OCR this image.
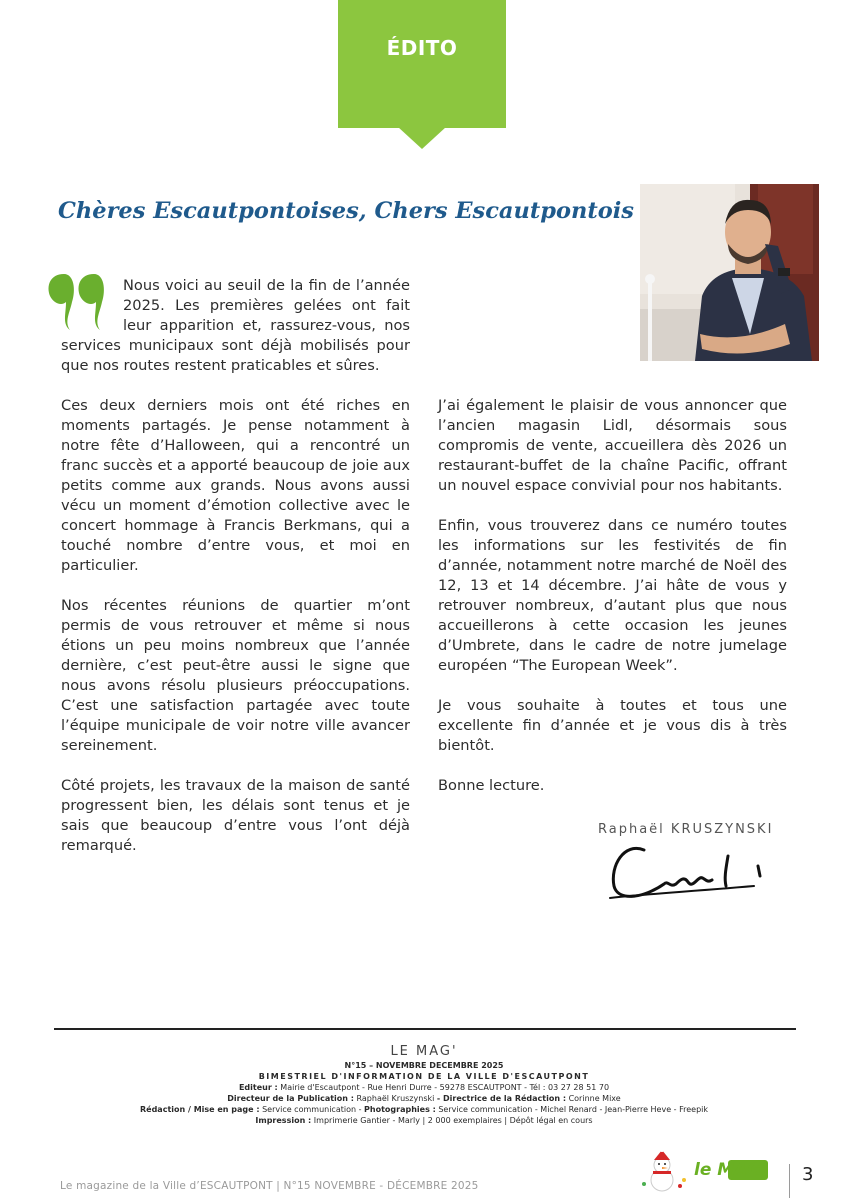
ÉDITO
Chères Escautpontoises, Chers Escautpontois
Nous voici au seuil de la fin de l’année 2025. Les premières gelées ont fait leur apparition et, rassurez-vous, nos services municipaux sont déjà mobilisés pour que nos routes restent praticables et sûres.

Ces deux derniers mois ont été riches en moments partagés. Je pense notamment à notre fête d’Halloween, qui a rencontré un franc succès et a apporté beaucoup de joie aux petits comme aux grands. Nous avons aussi vécu un moment d’émotion collective avec le concert hommage à Francis Berkmans, qui a touché nombre d’entre vous, et moi en particulier.

Nos récentes réunions de quartier m’ont permis de vous retrouver et même si nous étions un peu moins nombreux que l’année dernière, c’est peut-être aussi le signe que nous avons résolu plusieurs préoccupations. C’est une satisfaction partagée avec toute l’équipe municipale de voir notre ville avancer sereinement.

Côté projets, les travaux de la maison de santé progressent bien, les délais sont tenus et je sais que beaucoup d’entre vous l’ont déjà remarqué.

J’ai également le plaisir de vous annoncer que l’ancien magasin Lidl, désormais sous compromis de vente, accueillera dès 2026 un restaurant-buffet de la chaîne Pacific, offrant un nouvel espace convivial pour nos habitants.

Enfin, vous trouverez dans ce numéro toutes les informations sur les festivités de fin d’année, notamment notre marché de Noël des 12, 13 et 14 décembre. J’ai hâte de vous y retrouver nombreux, d’autant plus que nous accueillerons à cette occasion les jeunes d’Umbrete, dans le cadre de notre jumelage européen “The European Week”.

Je vous souhaite à toutes et tous une excellente fin d’année et je vous dis à très bientôt.

Bonne lecture.

Raphaël KRUSZYNSKI
LE MAG'
N°15 – NOVEMBRE DECEMBRE 2025
BIMESTRIEL D'INFORMATION DE LA VILLE D'ESCAUTPONT
Editeur : Mairie d'Escautpont - Rue Henri Durre - 59278 ESCAUTPONT - Tél : 03 27 28 51 70
Directeur de la Publication : Raphaël Kruszynski - Directrice de la Rédaction : Corinne Mixe
Rédaction / Mise en page : Service communication - Photographies : Service communication - Michel Renard - Jean-Pierre Heve - Freepik
Impression : Imprimerie Gantier - Marly | 2 000 exemplaires | Dépôt légal en cours
Le magazine de la Ville d’ESCAUTPONT | N°15 NOVEMBRE - DÉCEMBRE 2025
le MAG’ 3
